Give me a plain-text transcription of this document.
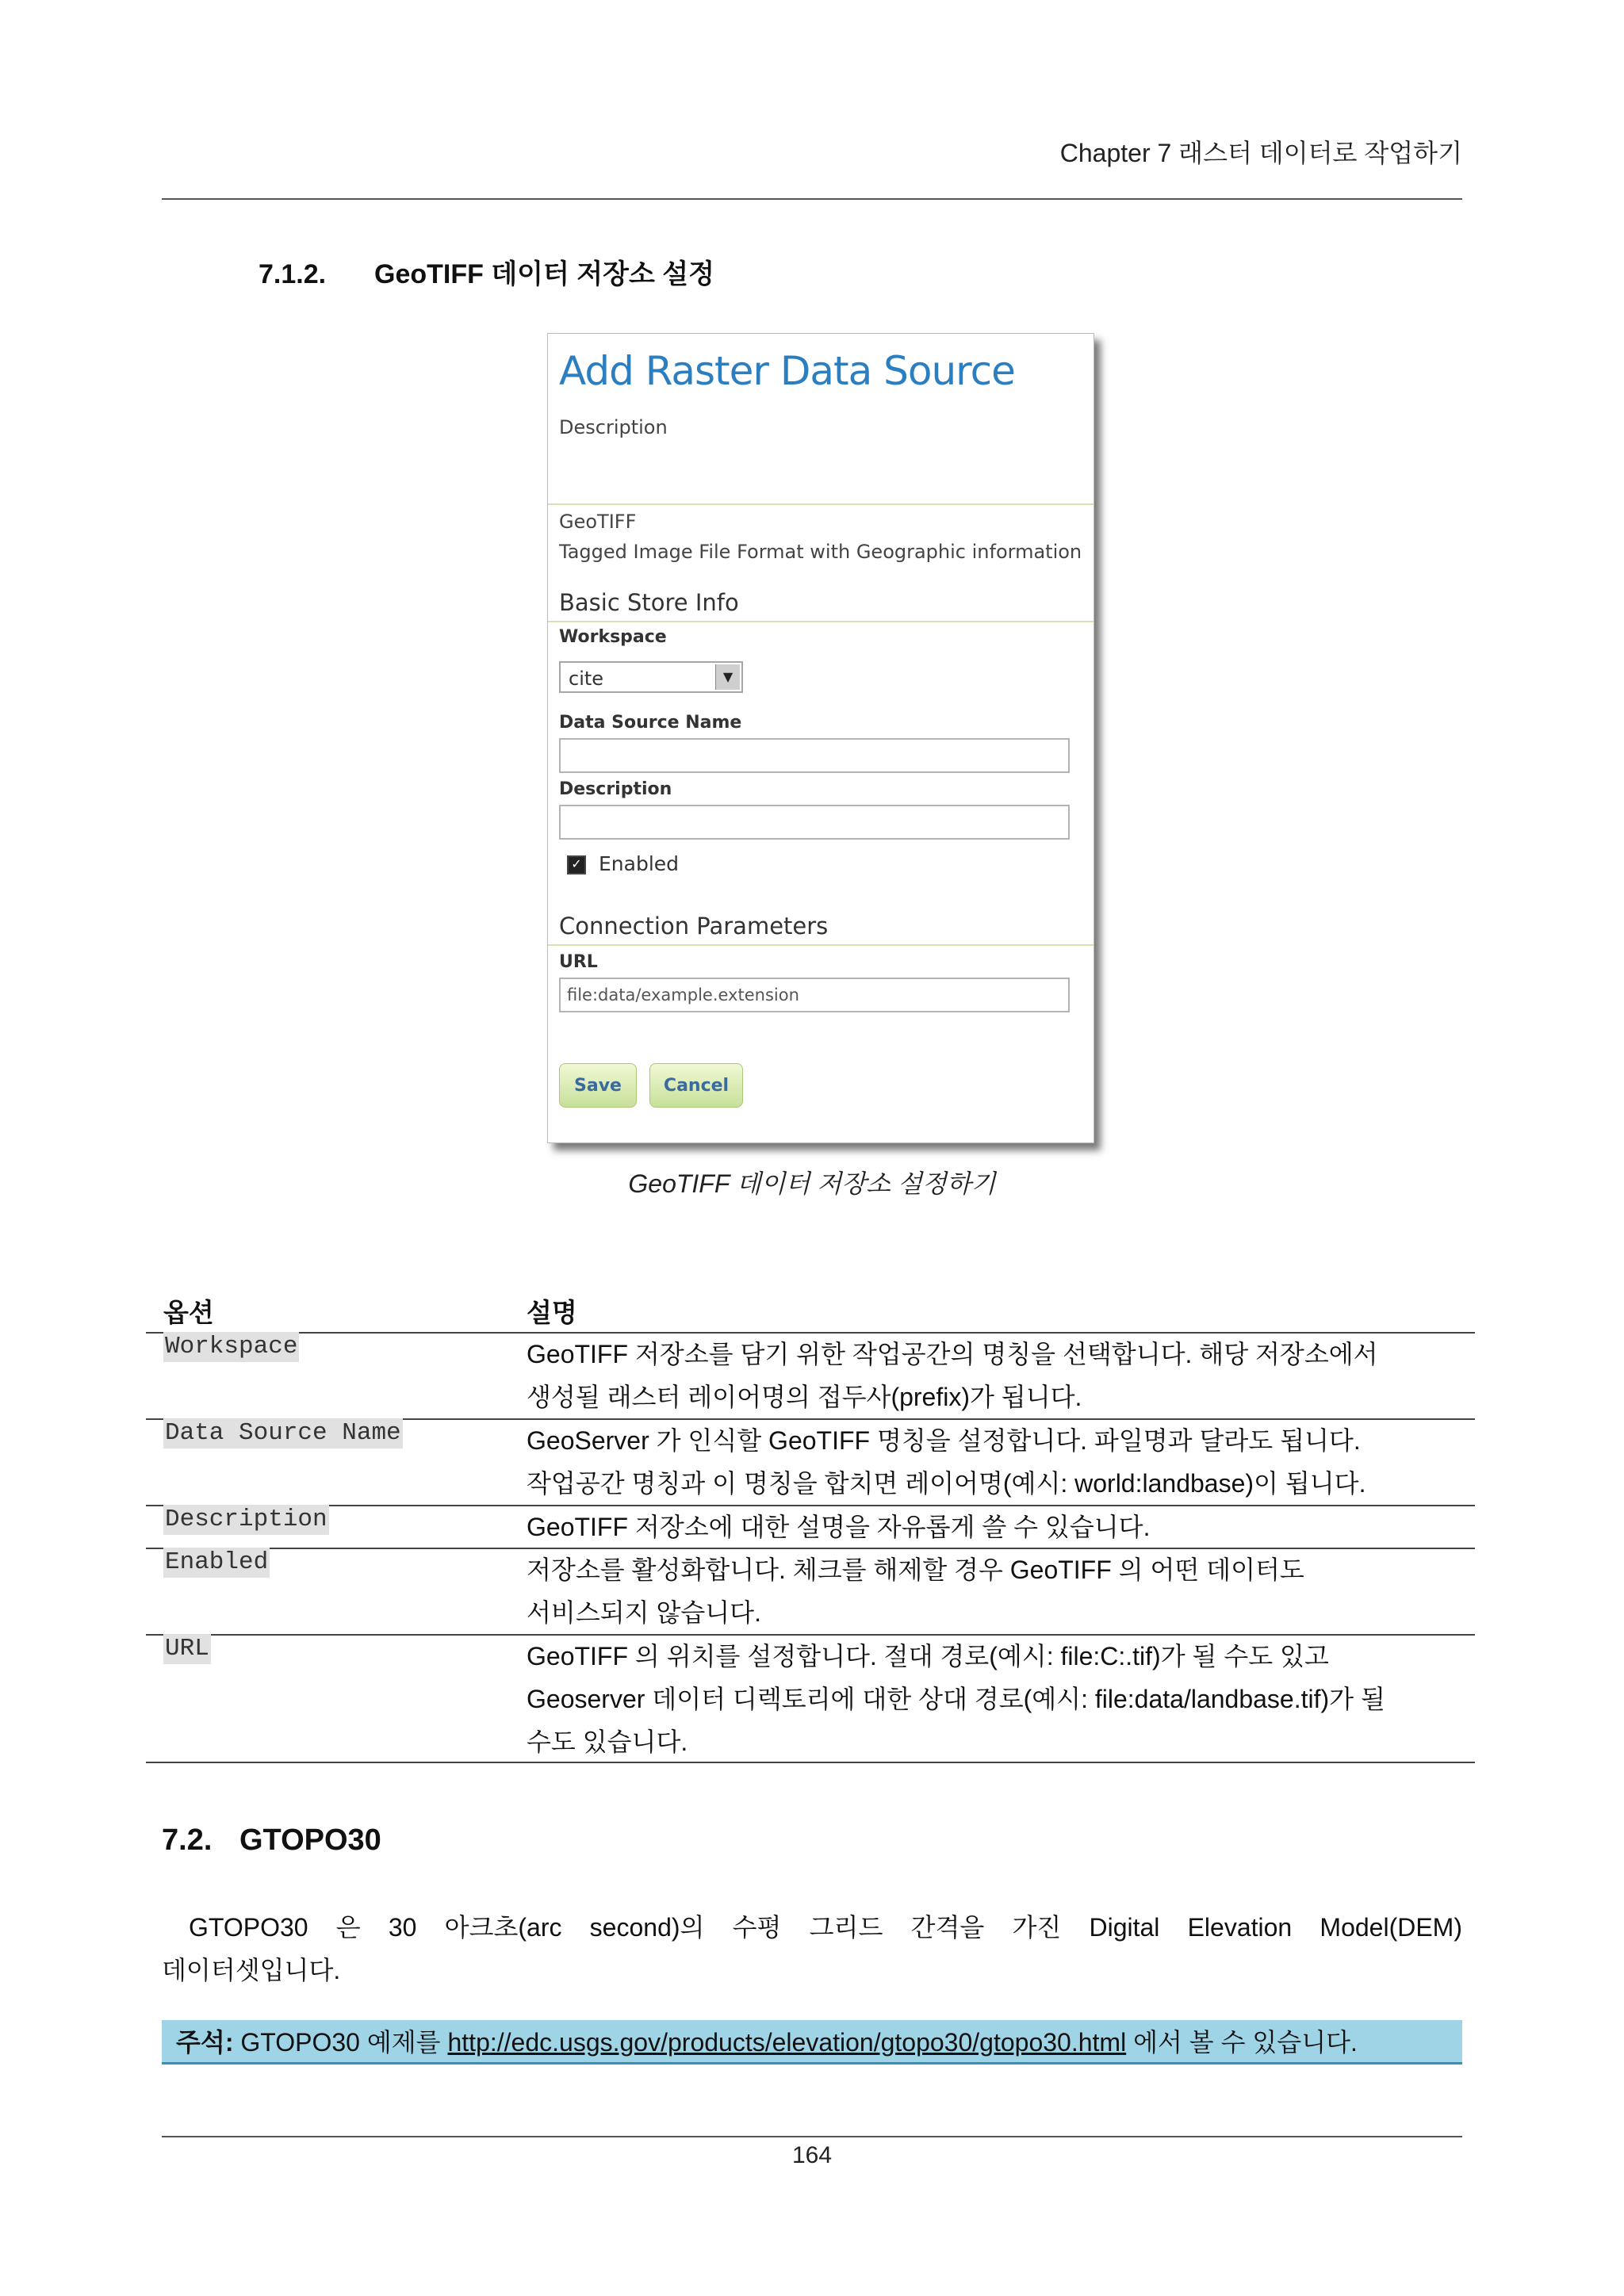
Chapter 7 래스터 데이터로 작업하기
7.1.2. GeoTIFF 데이터 저장소 설정
Add Raster Data Source
Description
GeoTIFF
Tagged Image File Format with Geographic information
Basic Store Info
Workspace
cite	▼
Data Source Name
Description
✓ Enabled
Connection Parameters
URL
file:data/example.extension
Save	Cancel
GeoTIFF 데이터 저장소 설정하기
옵션	설명
Workspace	GeoTIFF 저장소를 담기 위한 작업공간의 명칭을 선택합니다. 해당 저장소에서
생성될 래스터 레이어명의 접두사(prefix)가 됩니다.
Data Source Name	GeoServer 가 인식할 GeoTIFF 명칭을 설정합니다. 파일명과 달라도 됩니다.
작업공간 명칭과 이 명칭을 합치면 레이어명(예시: world:landbase)이 됩니다.
Description	GeoTIFF 저장소에 대한 설명을 자유롭게 쓸 수 있습니다.
Enabled	저장소를 활성화합니다. 체크를 해제할 경우 GeoTIFF 의 어떤 데이터도
서비스되지 않습니다.
URL	GeoTIFF 의 위치를 설정합니다. 절대 경로(예시: file:C:.tif)가 될 수도 있고
Geoserver 데이터 디렉토리에 대한 상대 경로(예시: file:data/landbase.tif)가 될
수도 있습니다.
7.2. GTOPO30
GTOPO30 은 30 아크초(arc second)의 수평 그리드 간격을 가진 Digital Elevation Model(DEM)
데이터셋입니다.
주석: GTOPO30 예제를 http://edc.usgs.gov/products/elevation/gtopo30/gtopo30.html 에서 볼 수 있습니다.
164
